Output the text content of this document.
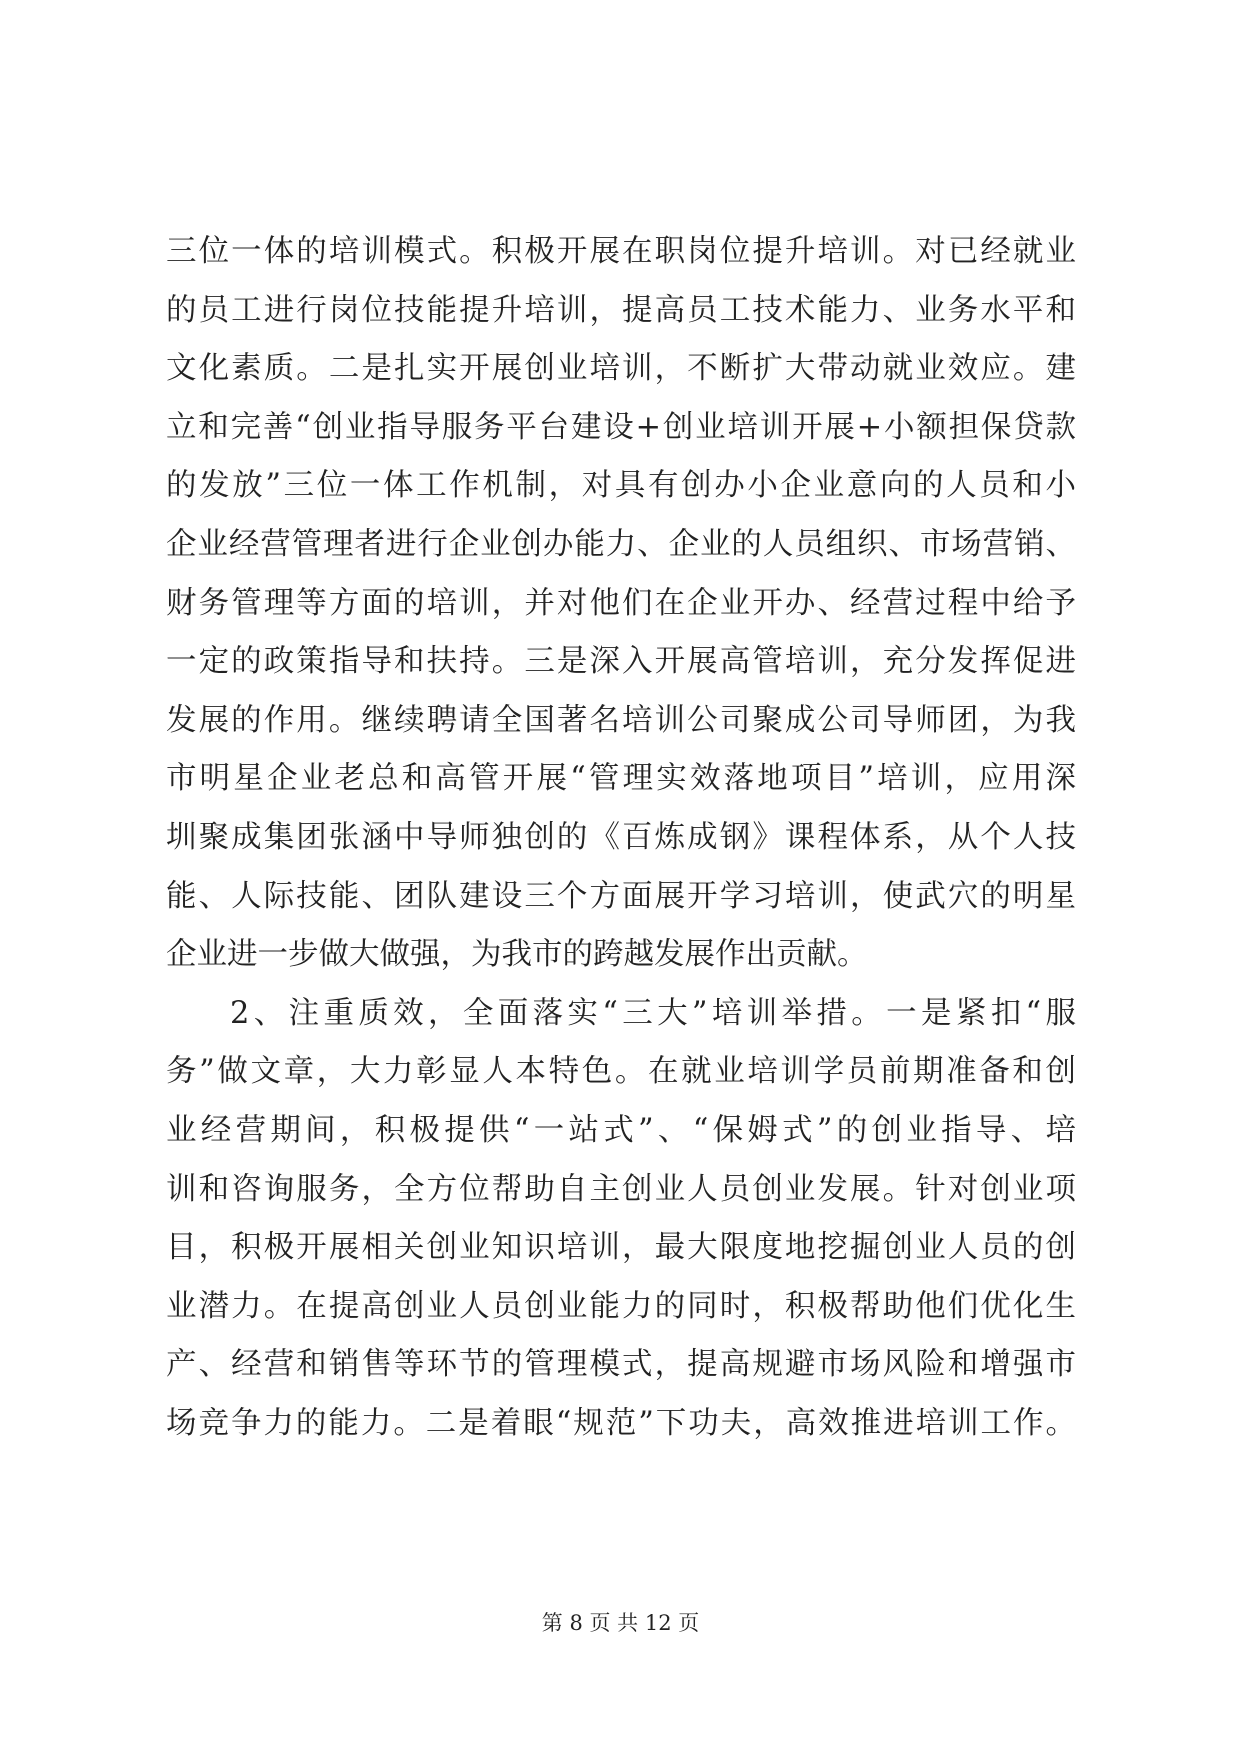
三位一体的培训模式。积极开展在职岗位提升培训。对已经就业
的员工进行岗位技能提升培训，提高员工技术能力、业务水平和
文化素质。二是扎实开展创业培训，不断扩大带动就业效应。建
立和完善“创业指导服务平台建设+创业培训开展+小额担保贷款
的发放”三位一体工作机制，对具有创办小企业意向的人员和小
企业经营管理者进行企业创办能力、企业的人员组织、市场营销、
财务管理等方面的培训，并对他们在企业开办、经营过程中给予
一定的政策指导和扶持。三是深入开展高管培训，充分发挥促进
发展的作用。继续聘请全国著名培训公司聚成公司导师团，为我
市明星企业老总和高管开展“管理实效落地项目”培训，应用深
圳聚成集团张涵中导师独创的《百炼成钢》课程体系，从个人技
能、人际技能、团队建设三个方面展开学习培训，使武穴的明星
企业进一步做大做强，为我市的跨越发展作出贡献。
2、注重质效，全面落实“三大”培训举措。一是紧扣“服
务”做文章，大力彰显人本特色。在就业培训学员前期准备和创
业经营期间，积极提供“一站式”、“保姆式”的创业指导、培
训和咨询服务，全方位帮助自主创业人员创业发展。针对创业项
目，积极开展相关创业知识培训，最大限度地挖掘创业人员的创
业潜力。在提高创业人员创业能力的同时，积极帮助他们优化生
产、经营和销售等环节的管理模式，提高规避市场风险和增强市
场竞争力的能力。二是着眼“规范”下功夫，高效推进培训工作。
第 8 页 共 12 页
